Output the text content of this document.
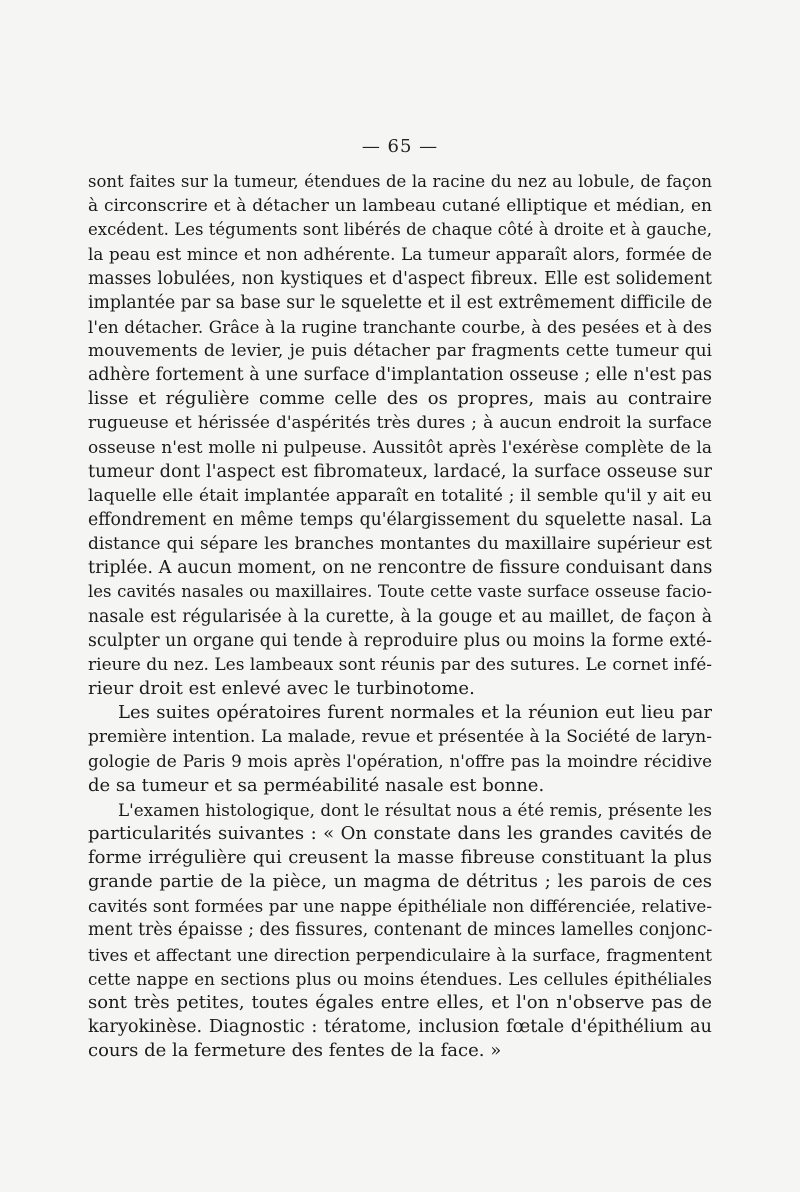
— 65 —
sont faites sur la tumeur, étendues de la racine du nez au lobule, de façon
à circonscrire et à détacher un lambeau cutané elliptique et médian, en
excédent. Les téguments sont libérés de chaque côté à droite et à gauche,
la peau est mince et non adhérente. La tumeur apparaît alors, formée de
masses lobulées, non kystiques et d'aspect fibreux. Elle est solidement
implantée par sa base sur le squelette et il est extrêmement difficile de
l'en détacher. Grâce à la rugine tranchante courbe, à des pesées et à des
mouvements de levier, je puis détacher par fragments cette tumeur qui
adhère fortement à une surface d'implantation osseuse ; elle n'est pas
lisse et régulière comme celle des os propres, mais au contraire
rugueuse et hérissée d'aspérités très dures ; à aucun endroit la surface
osseuse n'est molle ni pulpeuse. Aussitôt après l'exérèse complète de la
tumeur dont l'aspect est fibromateux, lardacé, la surface osseuse sur
laquelle elle était implantée apparaît en totalité ; il semble qu'il y ait eu
effondrement en même temps qu'élargissement du squelette nasal. La
distance qui sépare les branches montantes du maxillaire supérieur est
triplée. A aucun moment, on ne rencontre de fissure conduisant dans
les cavités nasales ou maxillaires. Toute cette vaste surface osseuse facio-
nasale est régularisée à la curette, à la gouge et au maillet, de façon à
sculpter un organe qui tende à reproduire plus ou moins la forme exté-
rieure du nez. Les lambeaux sont réunis par des sutures. Le cornet infé-
rieur droit est enlevé avec le turbinotome.
Les suites opératoires furent normales et la réunion eut lieu par
première intention. La malade, revue et présentée à la Société de laryn-
gologie de Paris 9 mois après l'opération, n'offre pas la moindre récidive
de sa tumeur et sa perméabilité nasale est bonne.
L'examen histologique, dont le résultat nous a été remis, présente les
particularités suivantes : « On constate dans les grandes cavités de
forme irrégulière qui creusent la masse fibreuse constituant la plus
grande partie de la pièce, un magma de détritus ; les parois de ces
cavités sont formées par une nappe épithéliale non différenciée, relative-
ment très épaisse ; des fissures, contenant de minces lamelles conjonc-
tives et affectant une direction perpendiculaire à la surface, fragmentent
cette nappe en sections plus ou moins étendues. Les cellules épithéliales
sont très petites, toutes égales entre elles, et l'on n'observe pas de
karyokinèse. Diagnostic : tératome, inclusion fœtale d'épithélium au
cours de la fermeture des fentes de la face. »
